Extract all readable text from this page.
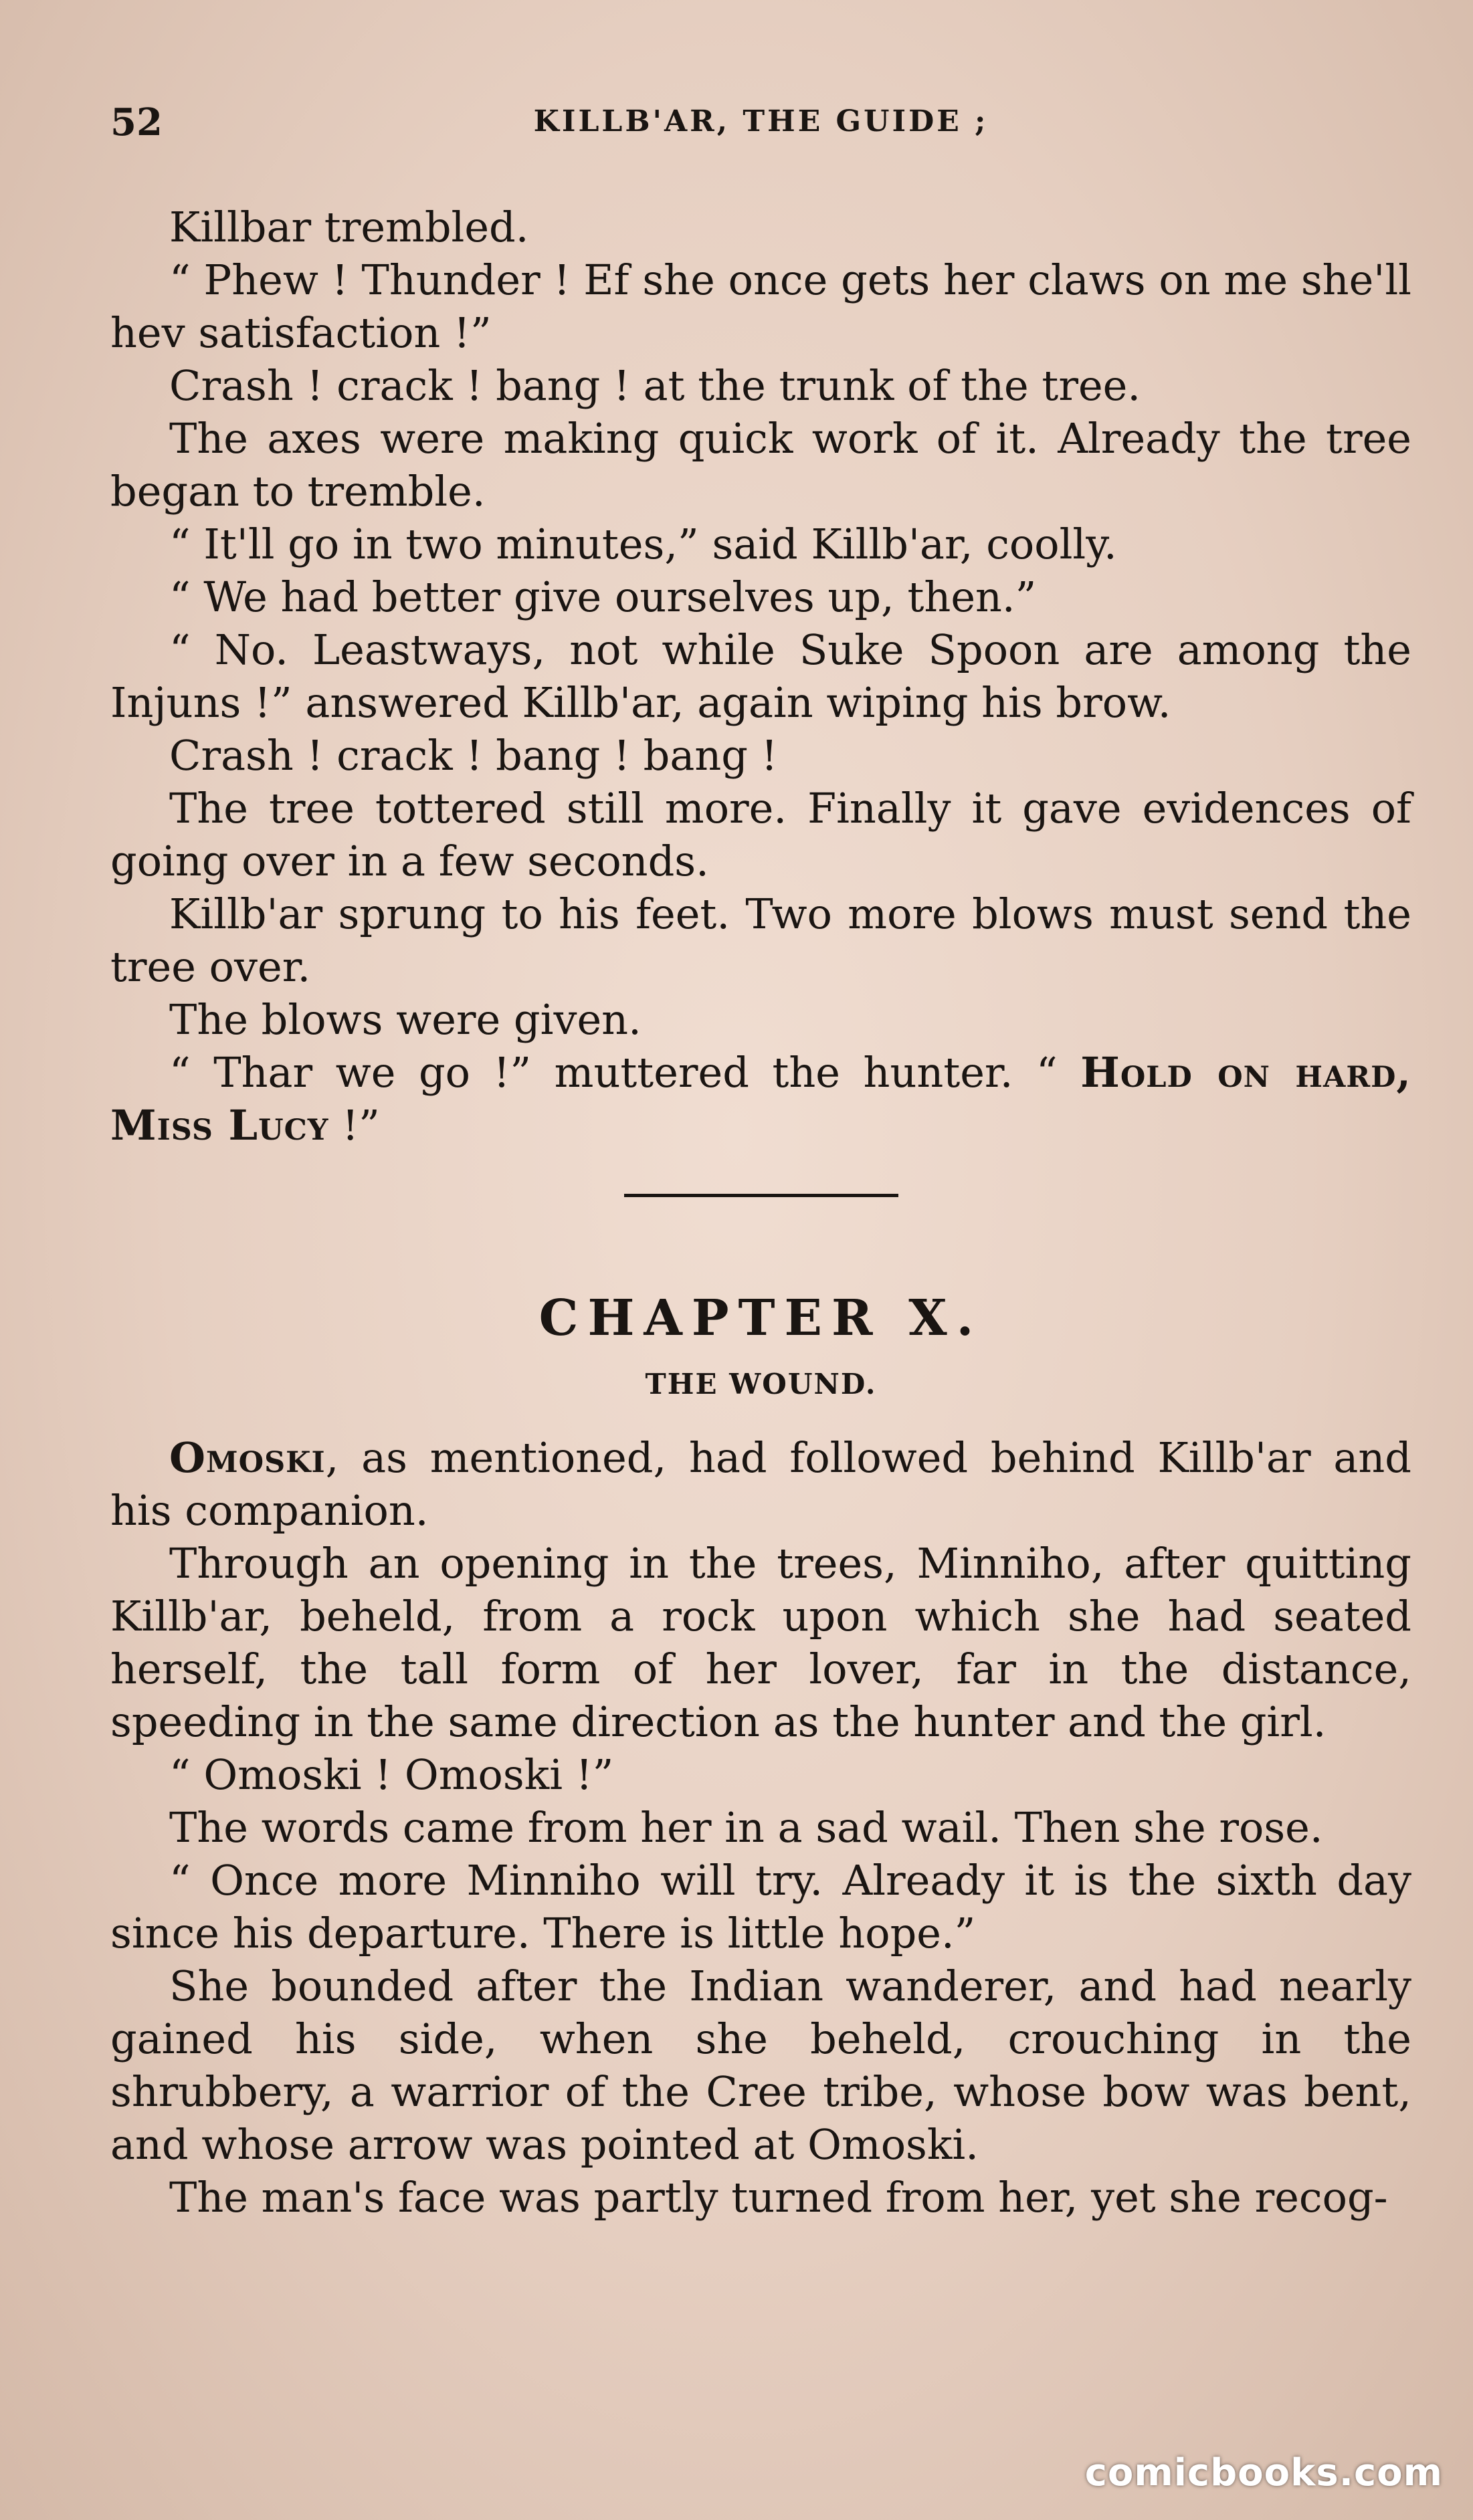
52	KILLB'AR, THE GUIDE ;

Killbar trembled.

“ Phew ! Thunder ! Ef she once gets her claws on me she'll hev satisfaction !”

Crash ! crack ! bang ! at the trunk of the tree.

The axes were making quick work of it. Already the tree began to tremble.

“ It'll go in two minutes,” said Killb'ar, coolly.

“ We had better give ourselves up, then.”

“ No. Leastways, not while Suke Spoon are among the Injuns !” answered Killb'ar, again wiping his brow.

Crash ! crack ! bang ! bang !

The tree tottered still more. Finally it gave evidences of going over in a few seconds.

Killb'ar sprung to his feet. Two more blows must send the tree over.

The blows were given.

“ Thar we go !” muttered the hunter. “ Hold on hard, Miss Lucy !”

CHAPTER X.
THE WOUND.

Omoski, as mentioned, had followed behind Killb'ar and his companion.

Through an opening in the trees, Minniho, after quitting Killb'ar, beheld, from a rock upon which she had seated herself, the tall form of her lover, far in the distance, speeding in the same direction as the hunter and the girl.

“ Omoski ! Omoski !”

The words came from her in a sad wail. Then she rose.

“ Once more Minniho will try. Already it is the sixth day since his departure. There is little hope.”

She bounded after the Indian wanderer, and had nearly gained his side, when she beheld, crouching in the shrubbery, a warrior of the Cree tribe, whose bow was bent, and whose arrow was pointed at Omoski.

The man's face was partly turned from her, yet she recog-

comicbooks.com
